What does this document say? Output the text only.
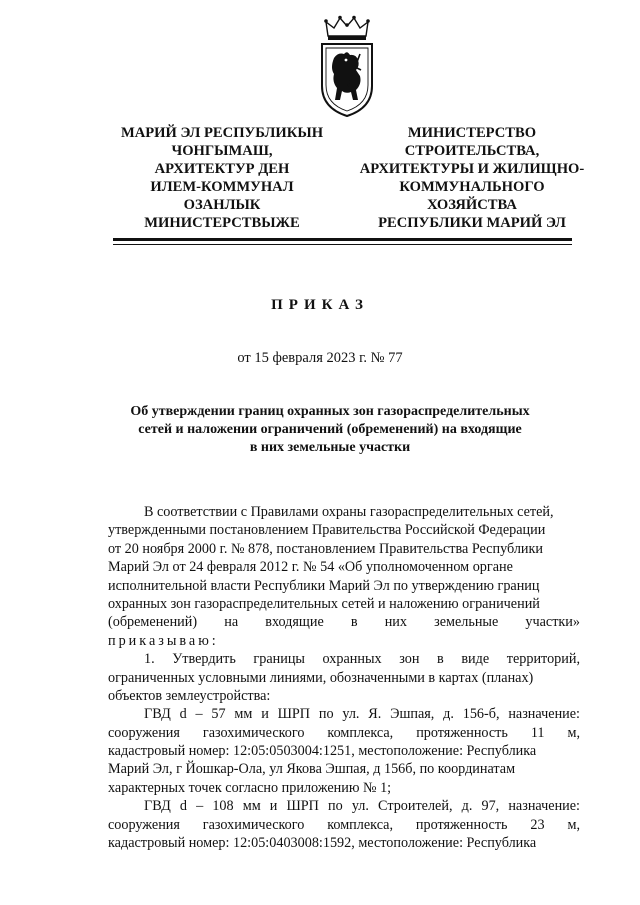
МАРИЙ ЭЛ РЕСПУБЛИКЫН
ЧОНГЫМАШ,
АРХИТЕКТУР ДЕН
ИЛЕМ-КОММУНАЛ
ОЗАНЛЫК
МИНИСТЕРСТВЫЖЕ
МИНИСТЕРСТВО
СТРОИТЕЛЬСТВА,
АРХИТЕКТУРЫ И ЖИЛИЩНО-
КОММУНАЛЬНОГО
ХОЗЯЙСТВА
РЕСПУБЛИКИ МАРИЙ ЭЛ
ПРИКАЗ
от 15 февраля 2023 г. № 77
Об утверждении границ охранных зон газораспределительных
сетей и наложении ограничений (обременений) на входящие
в них земельные участки
В соответствии с Правилами охраны газораспределительных сетей,
утвержденными постановлением Правительства Российской Федерации
от 20 ноября 2000 г. № 878, постановлением Правительства Республики
Марий Эл от 24 февраля 2012 г. № 54 «Об уполномоченном органе
исполнительной власти Республики Марий Эл по утверждению границ
охранных зон газораспределительных сетей и наложению ограничений
(обременений) на входящие в них земельные участки»
приказываю:
1. Утвердить границы охранных зон в виде территорий,
ограниченных условными линиями, обозначенными в картах (планах)
объектов землеустройства:
ГВД d – 57 мм и ШРП по ул. Я. Эшпая, д. 156-б, назначение:
сооружения газохимического комплекса, протяженность 11 м,
кадастровый номер: 12:05:0503004:1251, местоположение: Республика
Марий Эл, г Йошкар-Ола, ул Якова Эшпая, д 156б, по координатам
характерных точек согласно приложению № 1;
ГВД d – 108 мм и ШРП по ул. Строителей, д. 97, назначение:
сооружения газохимического комплекса, протяженность 23 м,
кадастровый номер: 12:05:0403008:1592, местоположение: Республика
